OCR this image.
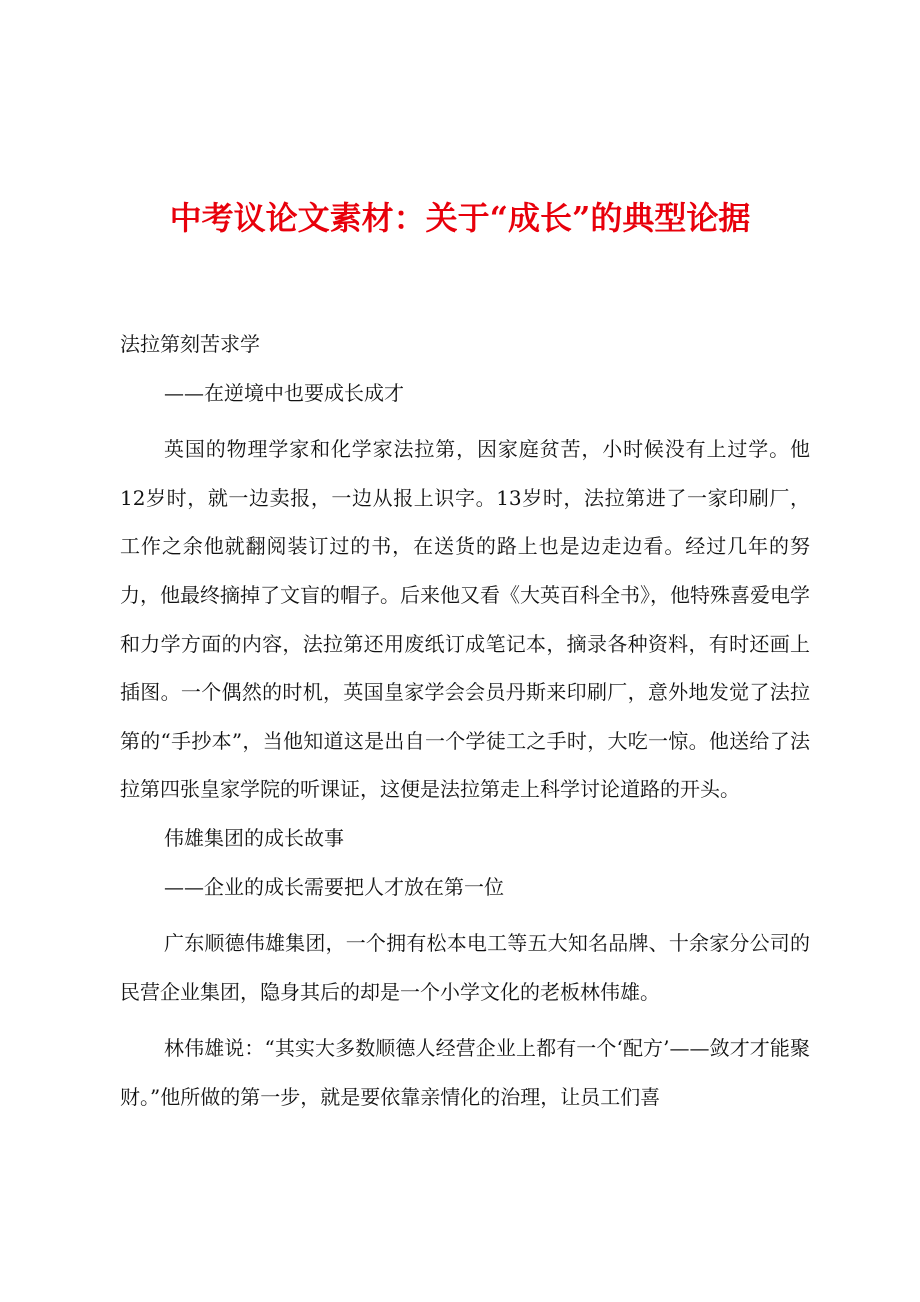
中考议论文素材：关于“成长”的典型论据

法拉第刻苦求学

——在逆境中也要成长成才

英国的物理学家和化学家法拉第，因家庭贫苦，小时候没有上过学。他 12岁时，就一边卖报，一边从报上识字。13岁时，法拉第进了一家印刷厂，工作之余他就翻阅装订过的书，在送货的路上也是边走边看。经过几年的努力，他最终摘掉了文盲的帽子。后来他又看《大英百科全书》，他特殊喜爱电学和力学方面的内容，法拉第还用废纸订成笔记本，摘录各种资料，有时还画上插图。一个偶然的时机，英国皇家学会会员丹斯来印刷厂，意外地发觉了法拉第的“手抄本”，当他知道这是出自一个学徒工之手时，大吃一惊。他送给了法拉第四张皇家学院的听课证，这便是法拉第走上科学讨论道路的开头。

伟雄集团的成长故事

——企业的成长需要把人才放在第一位

广东顺德伟雄集团，一个拥有松本电工等五大知名品牌、十余家分公司的民营企业集团，隐身其后的却是一个小学文化的老板林伟雄。

林伟雄说：“其实大多数顺德人经营企业上都有一个‘配方’——敛才才能聚财。”他所做的第一步，就是要依靠亲情化的治理，让员工们喜
